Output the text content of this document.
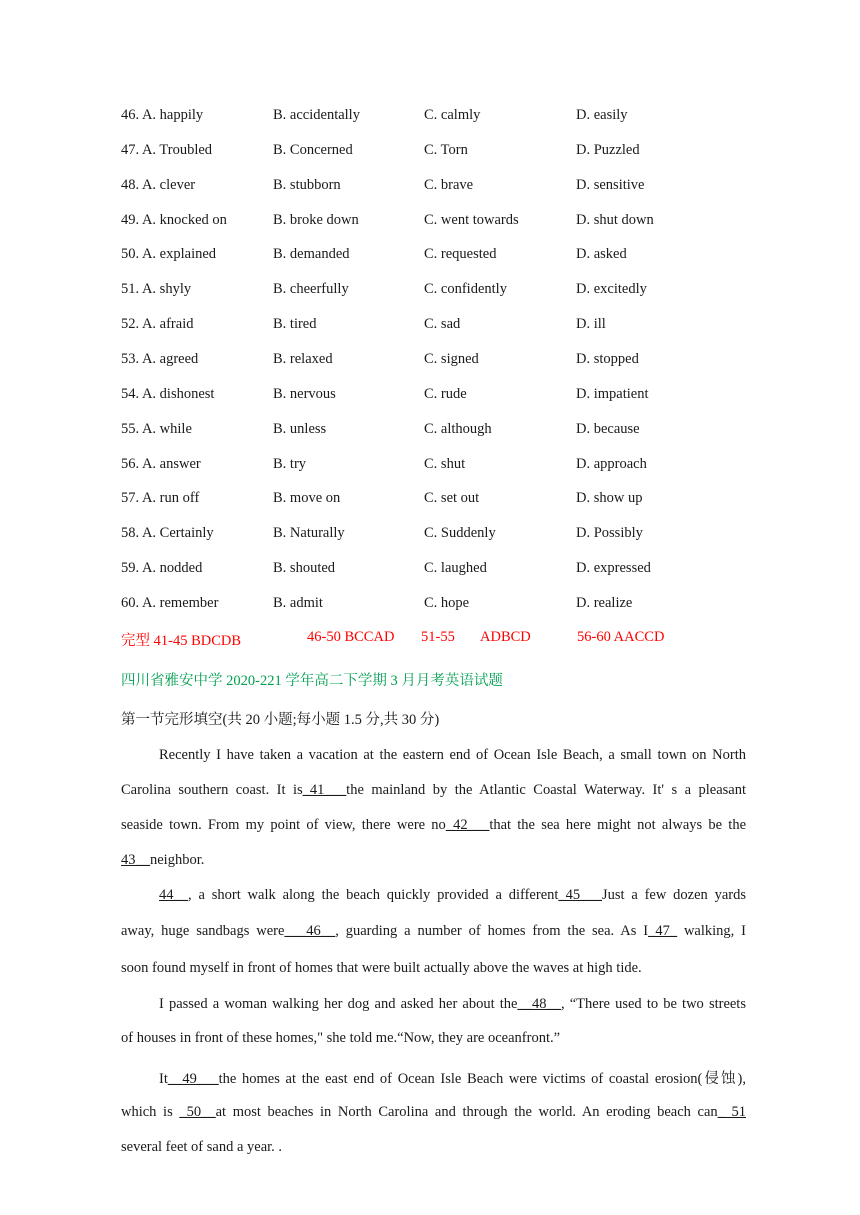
46. A. happily	B. accidentally	C. calmly	D. easily
47. A. Troubled	B. Concerned	C. Torn	D. Puzzled
48. A. clever	B. stubborn	C. brave	D. sensitive
49. A. knocked on	B. broke down	C. went towards	D. shut down
50. A. explained	B. demanded	C. requested	D. asked
51. A. shyly	B. cheerfully	C. confidently	D. excitedly
52. A. afraid	B. tired	C. sad	D. ill
53. A. agreed	B. relaxed	C. signed	D. stopped
54. A. dishonest	B. nervous	C. rude	D. impatient
55. A. while	B. unless	C. although	D. because
56. A. answer	B. try	C. shut	D. approach
57. A. run off	B. move on	C. set out	D. show up
58. A. Certainly	B. Naturally	C. Suddenly	D. Possibly
59. A. nodded	B. shouted	C. laughed	D. expressed
60. A. remember	B. admit	C. hope	D. realize
完型 41-45 BDCDB	46-50 BCCAD 51-55 ADBCD	56-60 AACCD
四川省雅安中学 2020-221 学年高二下学期 3 月月考英语试题
第一节完形填空(共 20 小题;每小题 1.5 分,共 30 分)
Recently I have taken a vacation at the eastern end of Ocean Isle Beach, a small town on North
Carolina southern coast. It is_41___the mainland by the Atlantic Coastal Waterway. It' s a pleasant
seaside town. From my point of view, there were no_42___that the sea here might not always be the
43__neighbor.
44__, a short walk along the beach quickly provided a different_45___Just a few dozen yards
away, huge sandbags were___46__, guarding a number of homes from the sea. As I_47_ walking, I
soon found myself in front of homes that were built actually above the waves at high tide.
I passed a woman walking her dog and asked her about the__48__, “There used to be two streets
of houses in front of these homes," she told me.“Now, they are oceanfront.”
It__49___the homes at the east end of Ocean Isle Beach were victims of coastal erosion(侵蚀),
which is _50__at most beaches in North Carolina and through the world. An eroding beach can_ 51
several feet of sand a year. .
